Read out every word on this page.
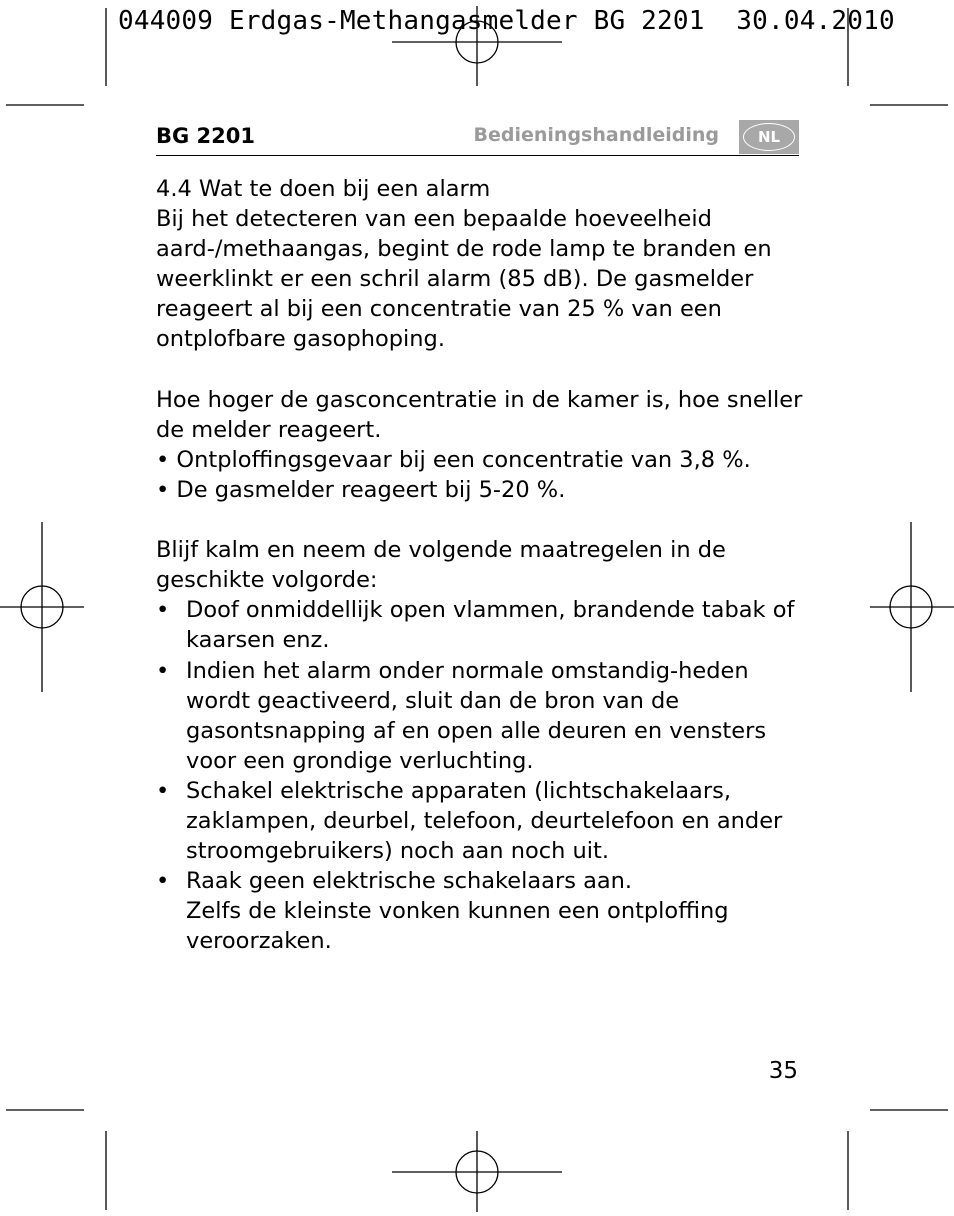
044009 Erdgas-Methangasmelder BG 2201  30.04.2010
BG 2201	Bedieningshandleiding	NL

4.4 Wat te doen bij een alarm

Bij het detecteren van een bepaalde hoeveelheid aard-/methaangas, begint de rode lamp te branden en weerklinkt er een schril alarm (85 dB). De gasmelder reageert al bij een concentratie van 25 % van een ontplofbare gasophoping.

Hoe hoger de gasconcentratie in de kamer is, hoe sneller de melder reageert.

• Ontploffingsgevaar bij een concentratie van 3,8 %.

• De gasmelder reageert bij 5-20 %.

Blijf kalm en neem de volgende maatregelen in de geschikte volgorde:

• Doof onmiddellijk open vlammen, brandende tabak of kaarsen enz.
• Indien het alarm onder normale omstandig-heden wordt geactiveerd, sluit dan de bron van de gasontsnapping af en open alle deuren en vensters voor een grondige verluchting.
• Schakel elektrische apparaten (lichtschakelaars, zaklampen, deurbel, telefoon, deurtelefoon en ander stroomgebruikers) noch aan noch uit.
• Raak geen elektrische schakelaars aan.
Zelfs de kleinste vonken kunnen een ontploffing veroorzaken.
35
